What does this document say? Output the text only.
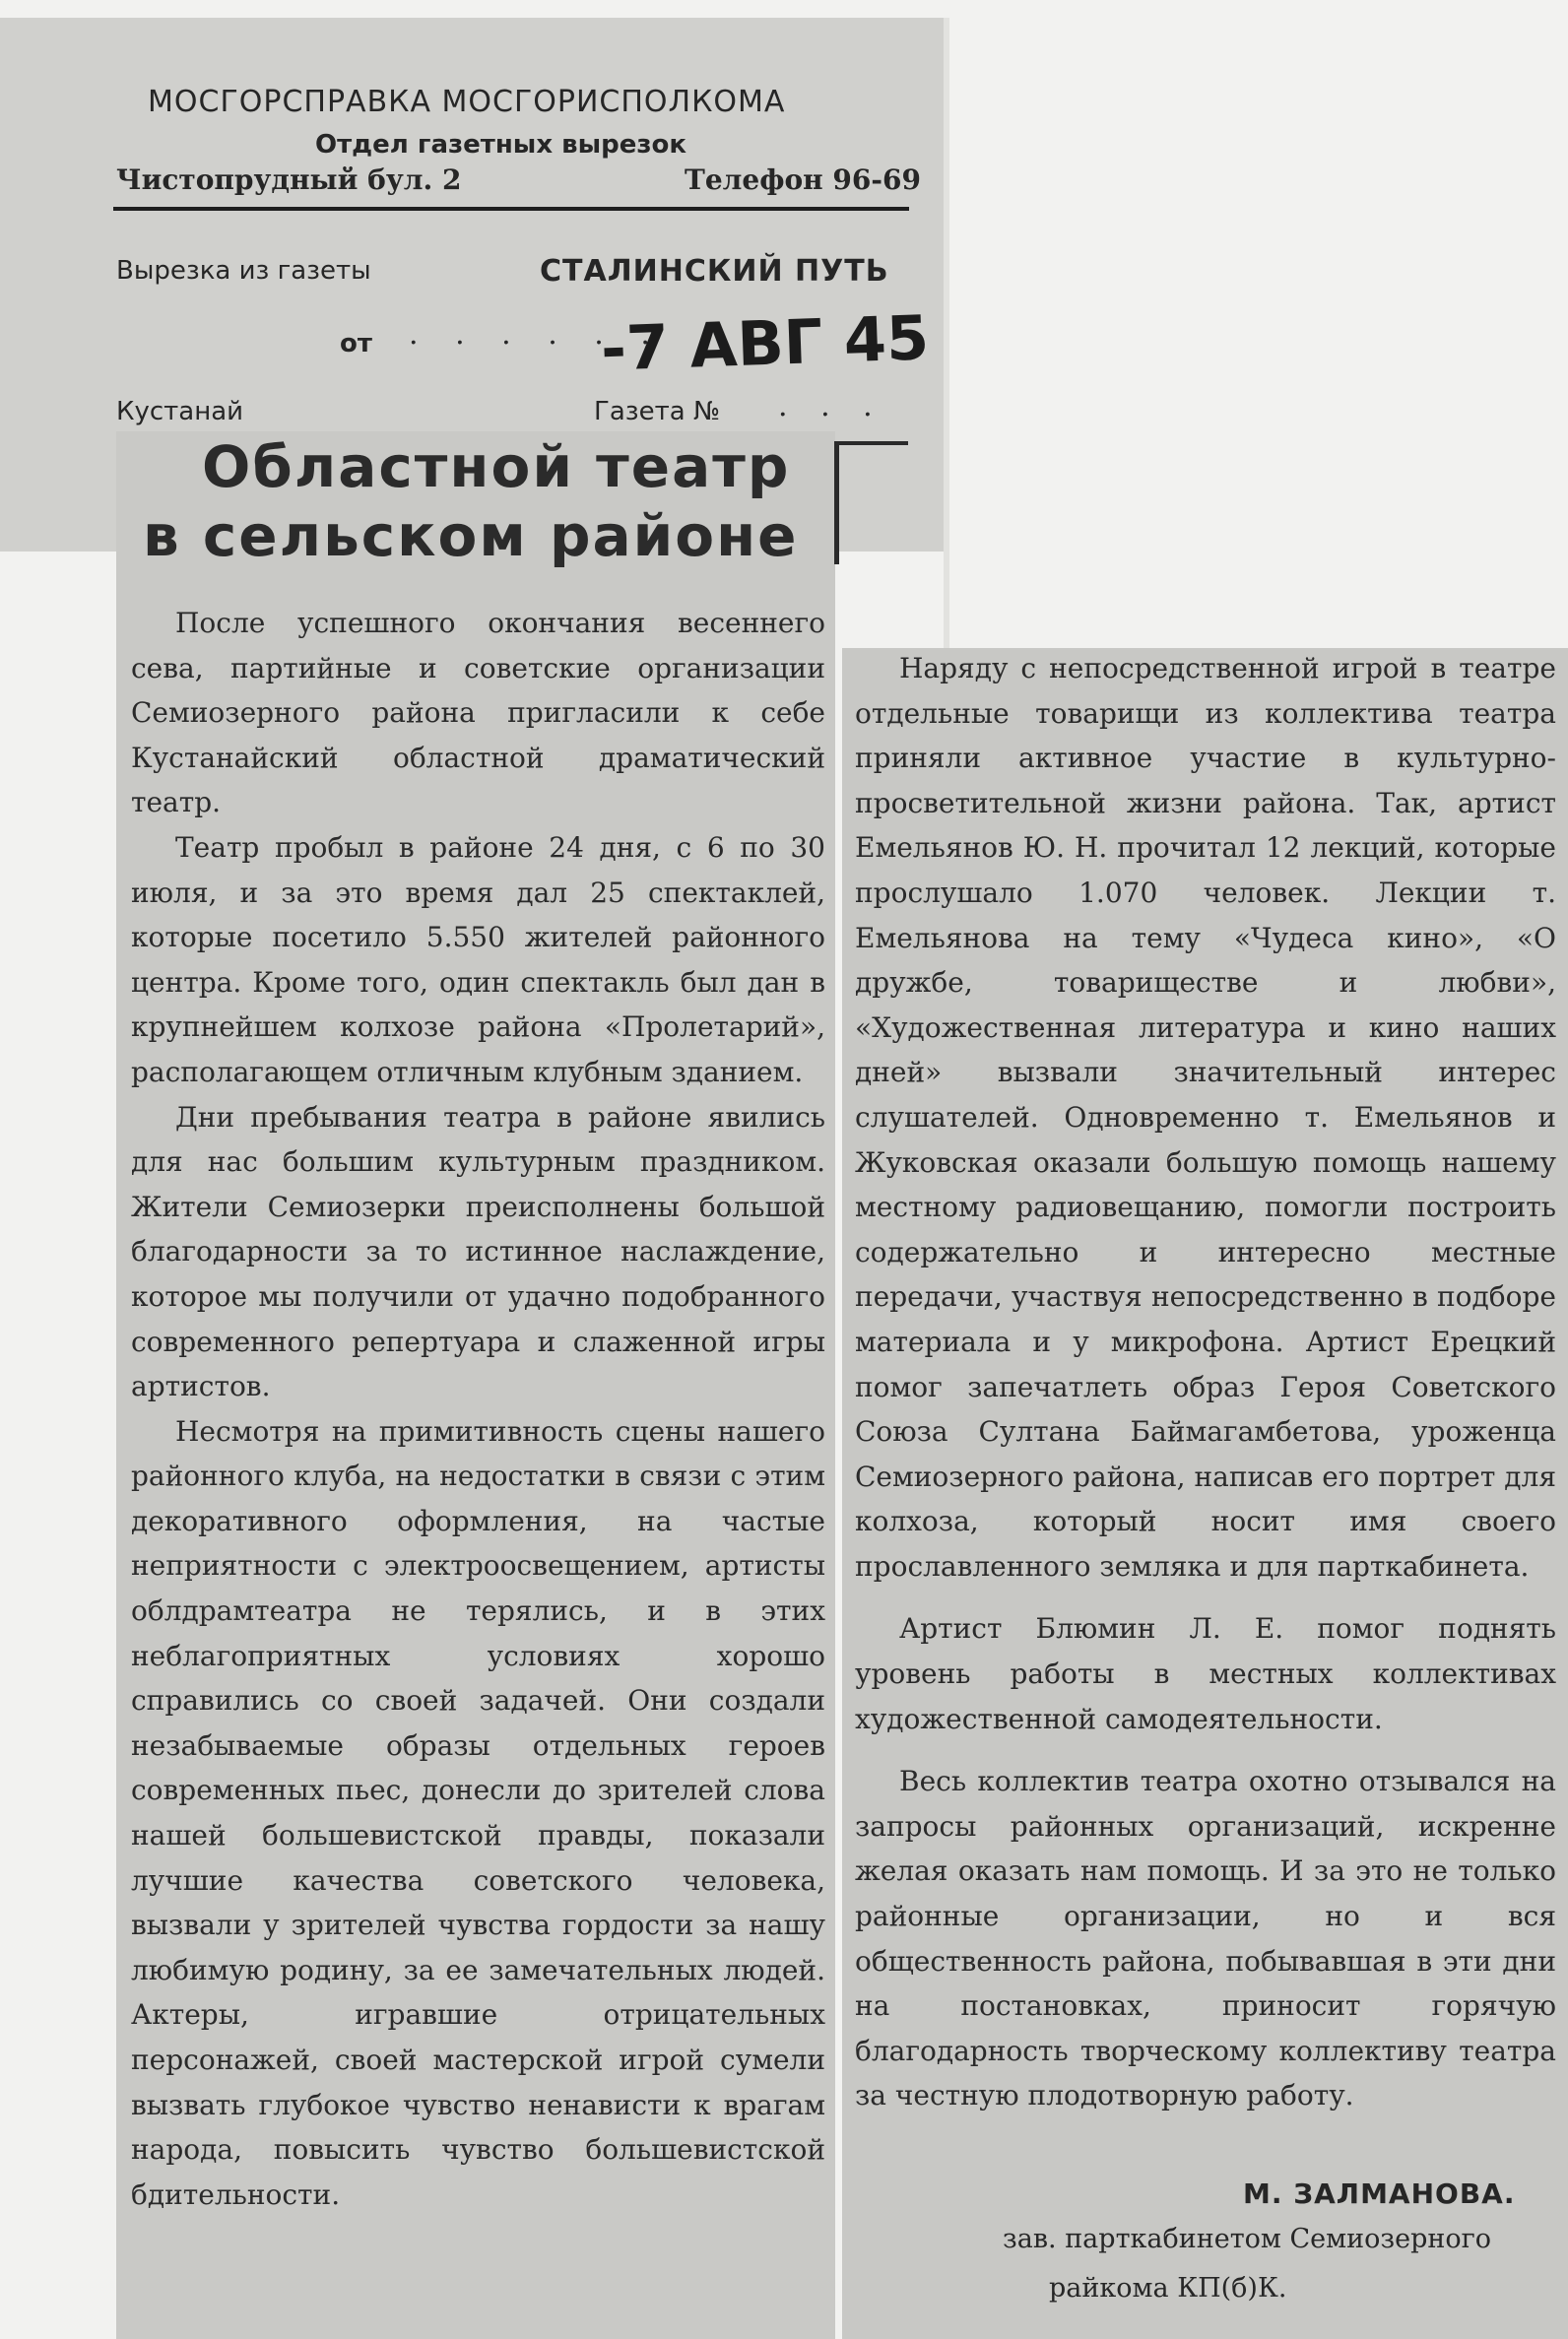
МОСГОРСПРАВКА МОСГОРИСПОЛКОМА
Отдел газетных вырезок
Чистопрудный бул. 2	Телефон 96-69
Вырезка из газеты	СТАЛИНСКИЙ ПУТЬ
от . . . . . .
-7 АВГ 45
Кустанай	Газета № . . .
Областной театр
в сельском районе

После успешного окончания весеннего сева, партийные и советские организации Семиозерного района пригласили к себе Кустанайский областной драматический театр.

Театр пробыл в районе 24 дня, с 6 по 30 июля, и за это время дал 25 спектаклей, которые посетило 5.550 жителей районного центра. Кроме того, один спектакль был дан в крупнейшем колхозе района «Пролетарий», располагающем отличным клубным зданием.

Дни пребывания театра в районе явились для нас большим культурным праздником. Жители Семиозерки преисполнены большой благодарности за то истинное наслаждение, которое мы получили от удачно подобранного современного репертуара и слаженной игры артистов.

Несмотря на примитивность сцены нашего районного клуба, на недостатки в связи с этим декоративного оформления, на частые неприятности с электроосвещением, артисты облдрамтеатра не терялись, и в этих неблагоприятных условиях хорошо справились со своей задачей. Они создали незабываемые образы отдельных героев современных пьес, донесли до зрителей слова нашей большевистской правды, показали лучшие качества советского человека, вызвали у зрителей чувства гордости за нашу любимую родину, за ее замечательных людей. Актеры, игравшие отрицательных персонажей, своей мастерской игрой сумели вызвать глубокое чувство ненависти к врагам народа, повысить чувство большевистской бдительности.

Наряду с непосредственной игрой в театре отдельные товарищи из коллектива театра приняли активное участие в культурно-просветительной жизни района. Так, артист Емельянов Ю. Н. прочитал 12 лекций, которые прослушало 1.070 человек. Лекции т. Емельянова на тему «Чудеса кино», «О дружбе, товариществе и любви», «Художественная литература и кино наших дней» вызвали значительный интерес слушателей. Одновременно т. Емельянов и Жуковская оказали большую помощь нашему местному радиовещанию, помогли построить содержательно и интересно местные передачи, участвуя непосредственно в подборе материала и у микрофона. Артист Ерецкий помог запечатлеть образ Героя Советского Союза Султана Баймагамбетова, уроженца Семиозерного района, написав его портрет для колхоза, который носит имя своего прославленного земляка и для парткабинета.

Артист Блюмин Л. Е. помог поднять уровень работы в местных коллективах художественной самодеятельности.

Весь коллектив театра охотно отзывался на запросы районных организаций, искренне желая оказать нам помощь. И за это не только районные организации, но и вся общественность района, побывавшая в эти дни на постановках, приносит горячую благодарность творческому коллективу театра за честную плодотворную работу.

М. ЗАЛМАНОВА.
зав. парткабинетом Семиозерного
райкома КП(б)К.
